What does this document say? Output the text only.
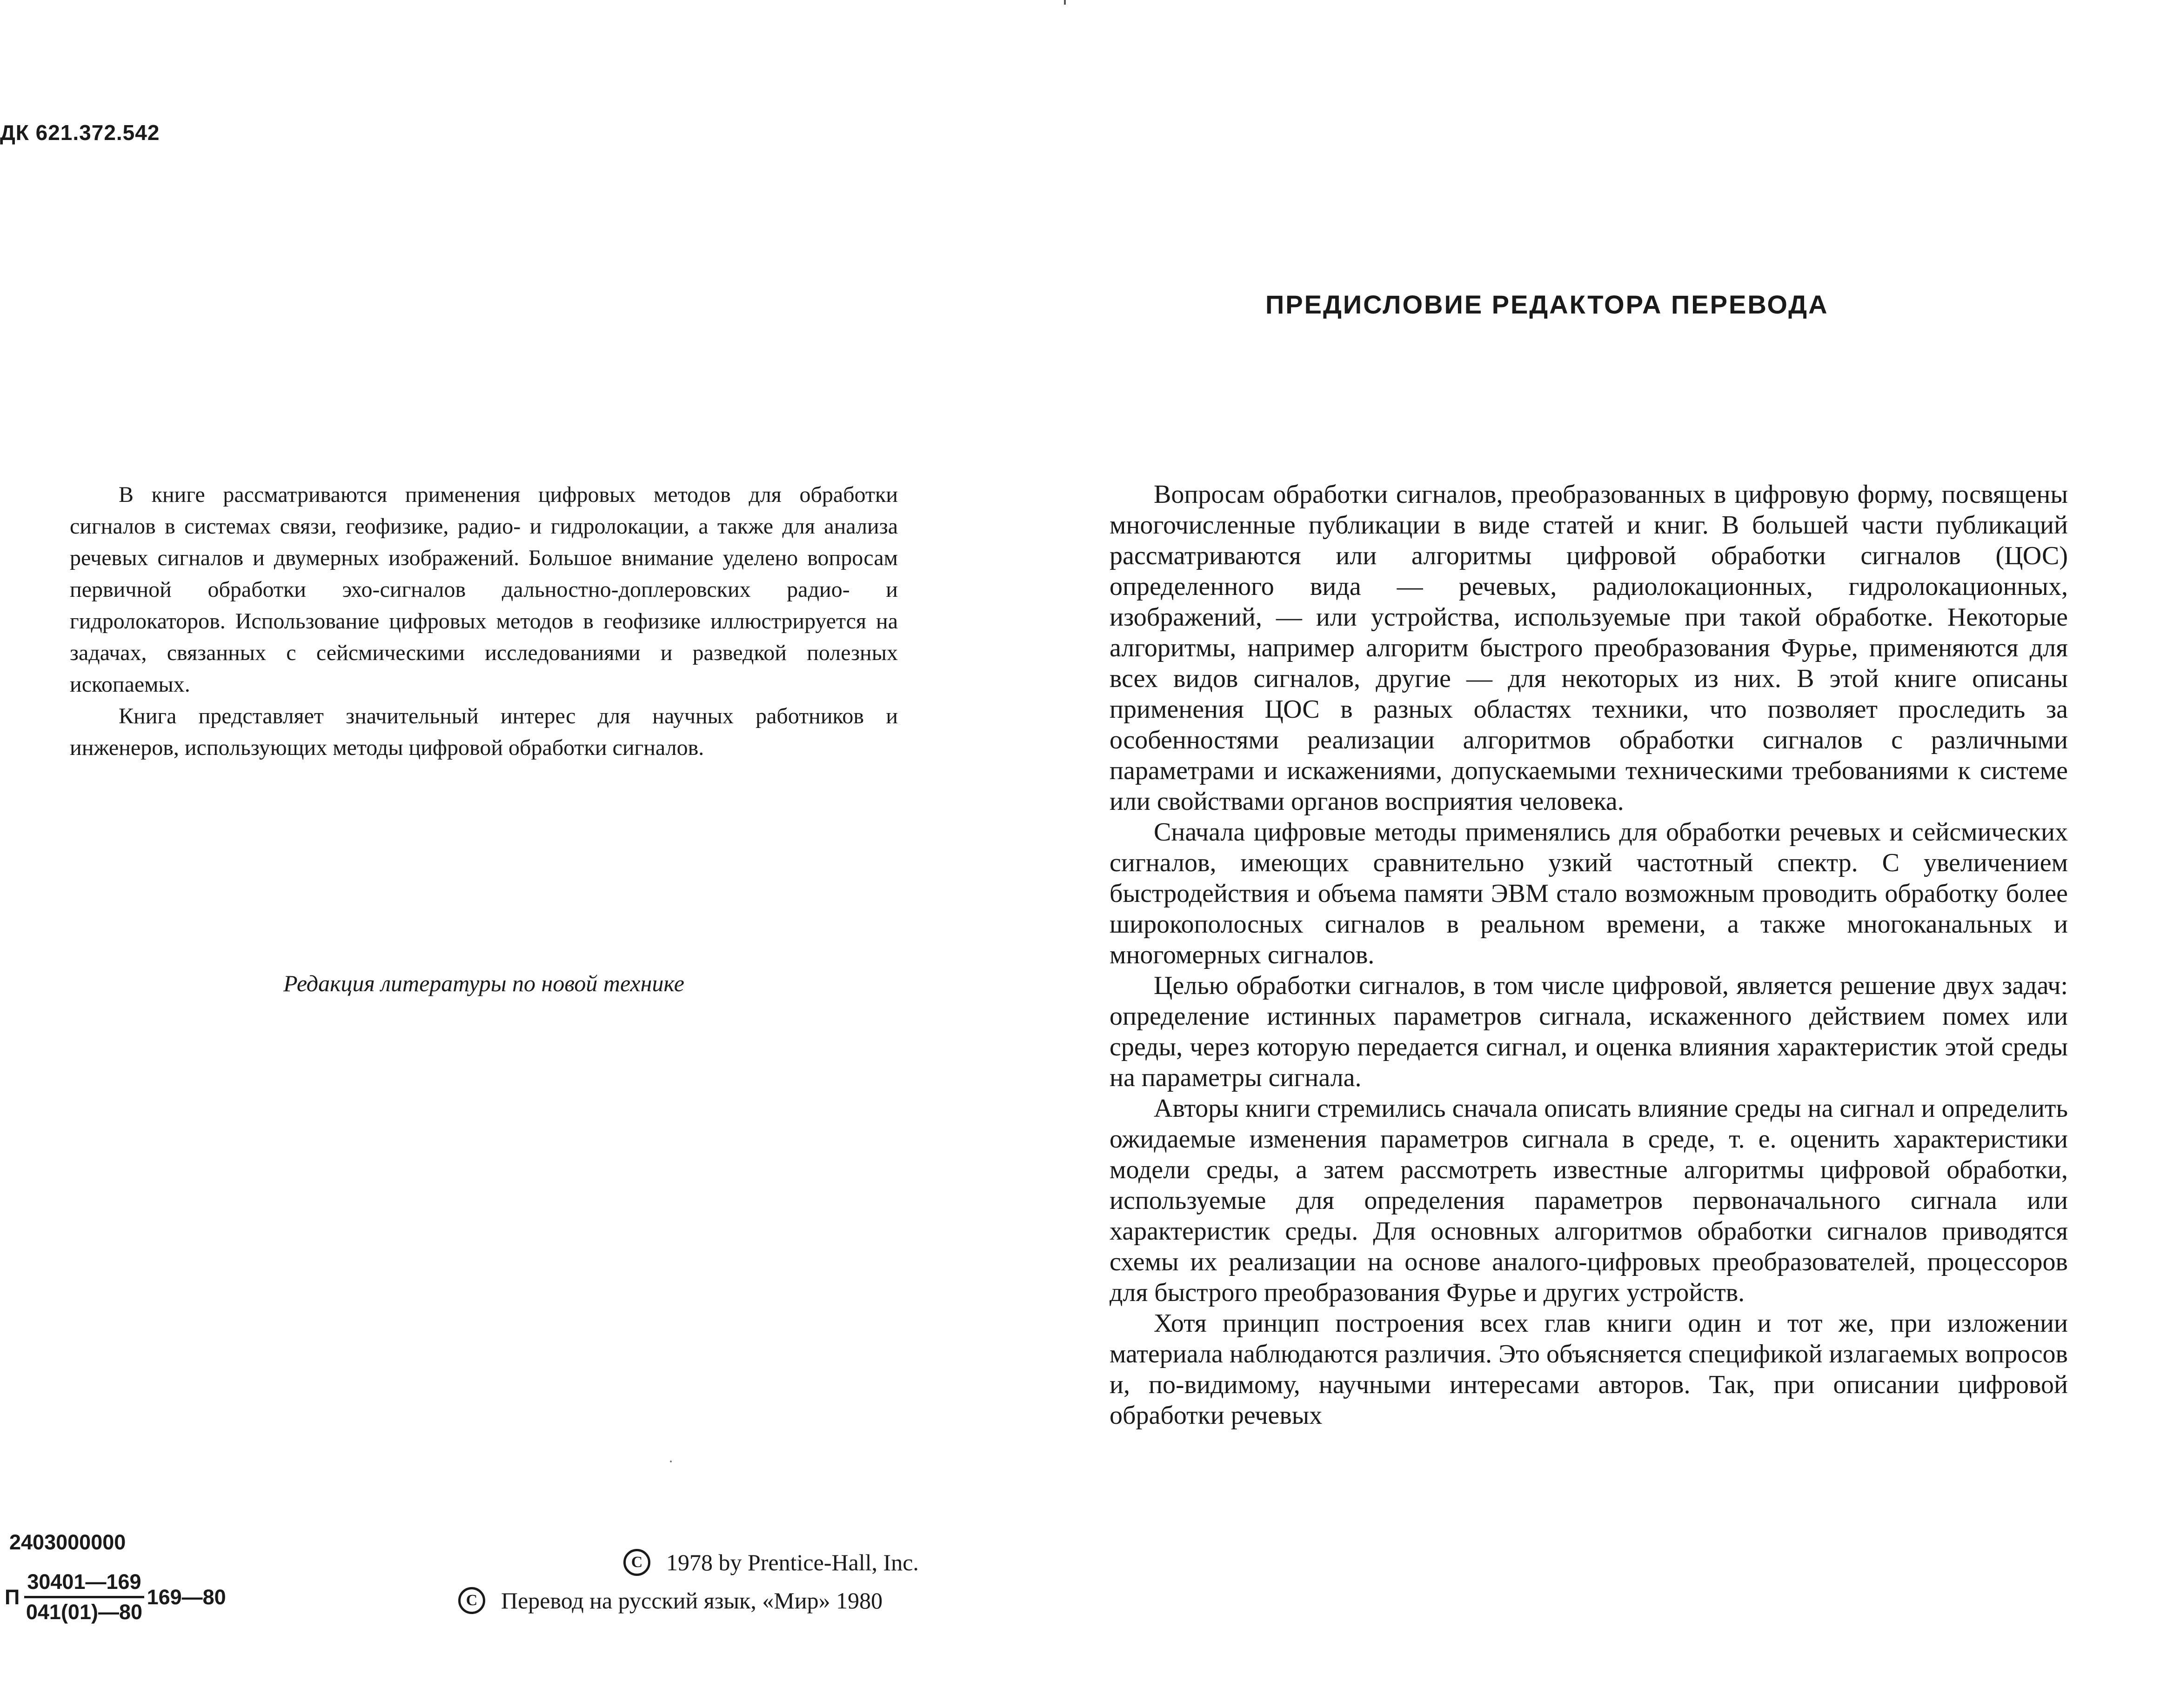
ДК 621.372.542

В книге рассматриваются применения цифровых методов для обработки сигналов в системах связи, геофизике, радио- и гидролокации, а также для анализа речевых сигналов и двумерных изображений. Большое внимание уделено вопросам первичной обработки эхо-сигналов дальностно-доплеровских радио- и гидролокаторов. Использование цифровых методов в геофизике иллюстрируется на задачах, связанных с сейсмическими исследованиями и разведкой полезных ископаемых.

Книга представляет значительный интерес для научных работников и инженеров, использующих методы цифровой обработки сигналов.

Редакция литературы по новой технике
2403000000
П $\frac{30401—169}{041(01)—80}$ 169—80
C	1978 by Prentice-Hall, Inc.
C	Перевод на русский язык, «Мир» 1980
ПРЕДИСЛОВИЕ РЕДАКТОРА ПЕРЕВОДА

Вопросам обработки сигналов, преобразованных в цифровую форму, посвящены многочисленные публикации в виде статей и книг. В большей части публикаций рассматриваются или алгоритмы цифровой обработки сигналов (ЦОС) определенного вида — речевых, радиолокационных, гидролокационных, изображений, — или устройства, используемые при такой обработке. Некоторые алгоритмы, например алгоритм быстрого преобразования Фурье, применяются для всех видов сигналов, другие — для некоторых из них. В этой книге описаны применения ЦОС в разных областях техники, что позволяет проследить за особенностями реализации алгоритмов обработки сигналов с различными параметрами и искажениями, допускаемыми техническими требованиями к системе или свойствами органов восприятия человека.

Сначала цифровые методы применялись для обработки речевых и сейсмических сигналов, имеющих сравнительно узкий частотный спектр. С увеличением быстродействия и объема памяти ЭВМ стало возможным проводить обработку более широкополосных сигналов в реальном времени, а также многоканальных и многомерных сигналов.

Целью обработки сигналов, в том числе цифровой, является решение двух задач: определение истинных параметров сигнала, искаженного действием помех или среды, через которую передается сигнал, и оценка влияния характеристик этой среды на параметры сигнала.

Авторы книги стремились сначала описать влияние среды на сигнал и определить ожидаемые изменения параметров сигнала в среде, т. е. оценить характеристики модели среды, а затем рассмотреть известные алгоритмы цифровой обработки, используемые для определения параметров первоначального сигнала или характеристик среды. Для основных алгоритмов обработки сигналов приводятся схемы их реализации на основе аналого-цифровых преобразователей, процессоров для быстрого преобразования Фурье и других устройств.

Хотя принцип построения всех глав книги один и тот же, при изложении материала наблюдаются различия. Это объясняется спецификой излагаемых вопросов и, по-видимому, научными интересами авторов. Так, при описании цифровой обработки речевых
